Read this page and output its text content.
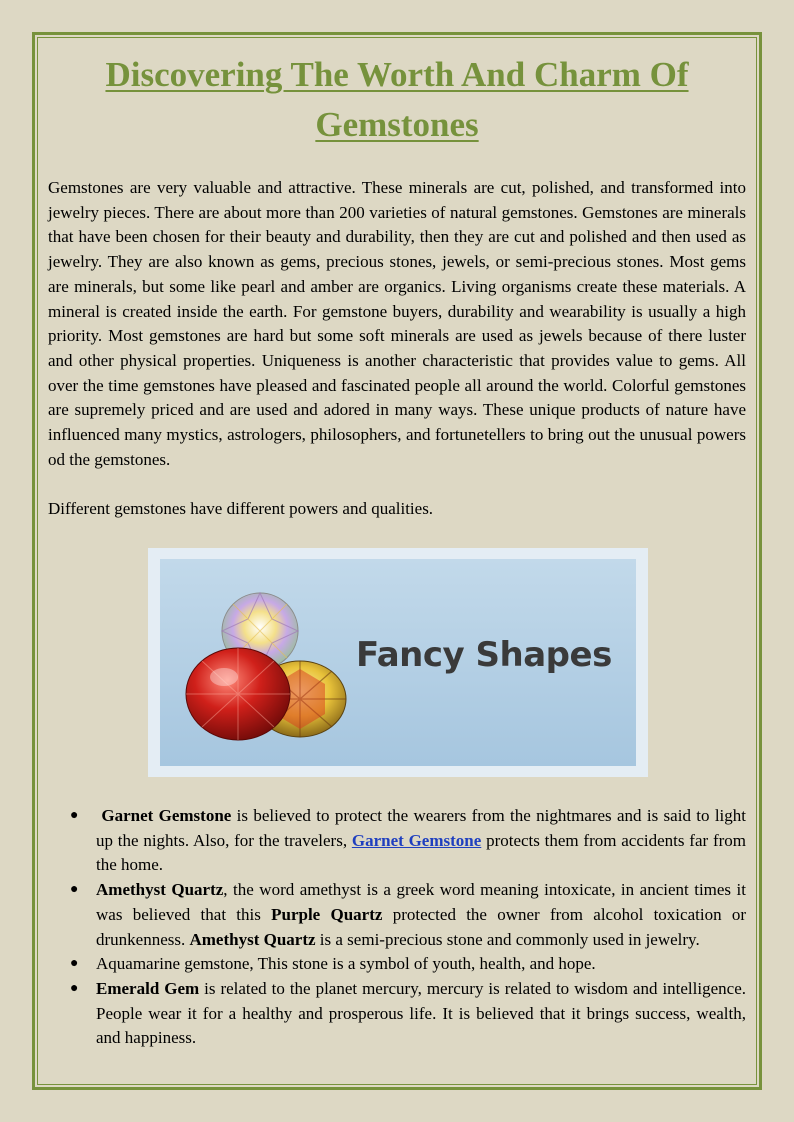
Discovering The Worth And Charm Of
Gemstones

Gemstones are very valuable and attractive. These minerals are cut, polished, and transformed into jewelry pieces. There are about more than 200 varieties of natural gemstones. Gemstones are minerals that have been chosen for their beauty and durability, then they are cut and polished and then used as jewelry. They are also known as gems, precious stones, jewels, or semi-precious stones. Most gems are minerals, but some like pearl and amber are organics. Living organisms create these materials. A mineral is created inside the earth. For gemstone buyers, durability and wearability is usually a high priority. Most gemstones are hard but some soft minerals are used as jewels because of there luster and other physical properties. Uniqueness is another characteristic that provides value to gems. All over the time gemstones have pleased and fascinated people all around the world. Colorful gemstones are supremely priced and are used and adored in many ways. These unique products of nature have influenced many mystics, astrologers, philosophers, and fortunetellers to bring out the unusual powers od the gemstones.

Different gemstones have different powers and qualities.

Fancy Shapes
● Garnet Gemstone is believed to protect the wearers from the nightmares and is said to light up the nights. Also, for the travelers, Garnet Gemstone protects them from accidents far from the home.
● Amethyst Quartz, the word amethyst is a greek word meaning intoxicate, in ancient times it was believed that this Purple Quartz protected the owner from alcohol toxication or drunkenness. Amethyst Quartz is a semi-precious stone and commonly used in jewelry.
● Aquamarine gemstone, This stone is a symbol of youth, health, and hope.
● Emerald Gem is related to the planet mercury, mercury is related to wisdom and intelligence. People wear it for a healthy and prosperous life. It is believed that it brings success, wealth, and happiness.
